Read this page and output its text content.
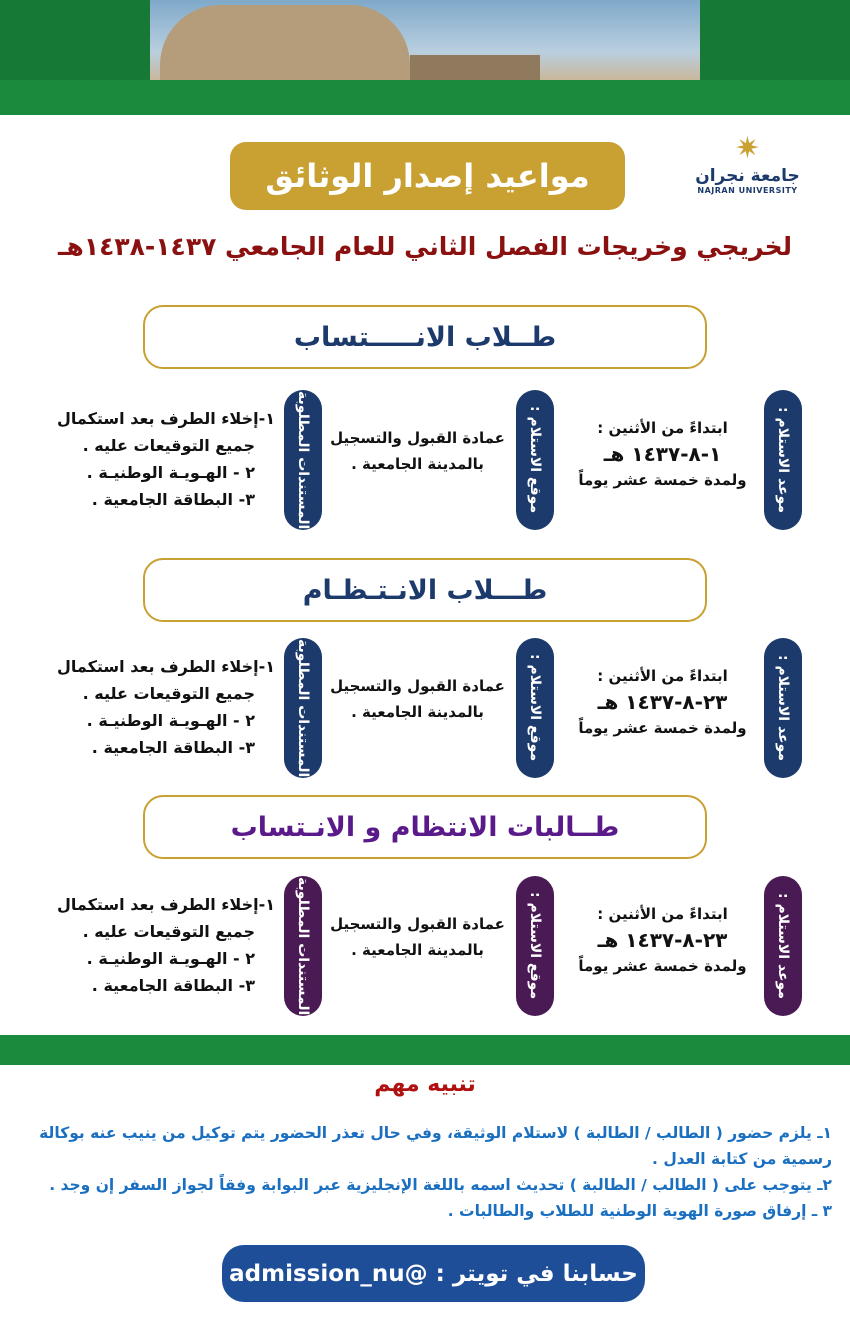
مواعيد إصدار الوثائق
✷
جامعة نجران
NAJRAN UNIVERSITY
لخريجي وخريجات الفصل الثاني للعام الجامعي ١٤٣٧-١٤٣٨هـ
طــلاب الانـــــتساب
موعد الاستلام :
ابتداءً من الأثنين :
١-٨-١٤٣٧ هـ
ولمدة خمسة عشر يوماً
موقع الاستلام :
عمادة القبول والتسجيل
بالمدينة الجامعية .
المستندات المطلوبة
١-إخلاء الطرف بعد استكمال
جميع التوقيعات عليه .
٢ - الهـويـة الوطنيـة .
٣- البطاقة الجامعية .
طـــلاب الانـتـظـام
موعد الاستلام :
ابتداءً من الأثنين :
٢٣-٨-١٤٣٧ هـ
ولمدة خمسة عشر يوماً
موقع الاستلام :
عمادة القبول والتسجيل
بالمدينة الجامعية .
المستندات المطلوبة
١-إخلاء الطرف بعد استكمال
جميع التوقيعات عليه .
٢ - الهـويـة الوطنيـة .
٣- البطاقة الجامعية .
طــالبات الانتظام و الانـتساب
موعد الاستلام :
ابتداءً من الأثنين :
٢٣-٨-١٤٣٧ هـ
ولمدة خمسة عشر يوماً
موقع الاستلام :
عمادة القبول والتسجيل
بالمدينة الجامعية .
المستندات المطلوبة
١-إخلاء الطرف بعد استكمال
جميع التوقيعات عليه .
٢ - الهـويـة الوطنيـة .
٣- البطاقة الجامعية .
تنبيه مهم
١ـ يلزم حضور ( الطالب / الطالبة ) لاستلام الوثيقة، وفي حال تعذر الحضور يتم توكيل من ينيب عنه بوكالة رسمية من كتابة العدل .
٢ـ يتوجب على ( الطالب / الطالبة ) تحديث اسمه باللغة الإنجليزية عبر البوابة وفقاً لجواز السفر إن وجد .
٣ ـ إرفاق صورة الهوية الوطنية للطلاب والطالبات .
حسابنا في تويتر : @admission_nu
